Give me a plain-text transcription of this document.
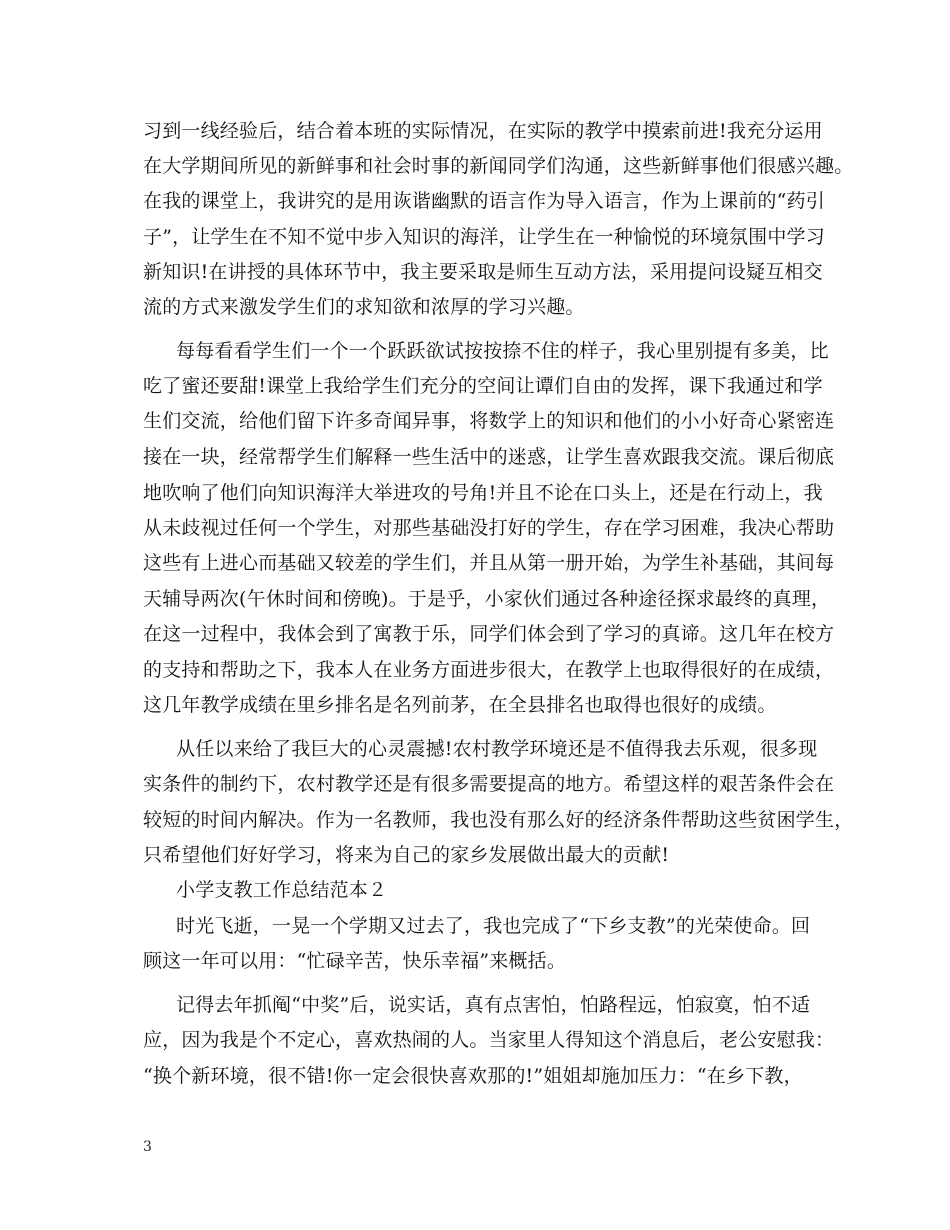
习到一线经验后，结合着本班的实际情况，在实际的教学中摸索前进!我充分运用
在大学期间所见的新鲜事和社会时事的新闻同学们沟通，这些新鲜事他们很感兴趣。
在我的课堂上，我讲究的是用诙谐幽默的语言作为导入语言，作为上课前的“药引
子”，让学生在不知不觉中步入知识的海洋，让学生在一种愉悦的环境氛围中学习
新知识!在讲授的具体环节中，我主要采取是师生互动方法，采用提问设疑互相交
流的方式来激发学生们的求知欲和浓厚的学习兴趣。
每每看看学生们一个一个跃跃欲试按按捺不住的样子，我心里别提有多美，比
吃了蜜还要甜!课堂上我给学生们充分的空间让谭们自由的发挥，课下我通过和学
生们交流，给他们留下许多奇闻异事，将数学上的知识和他们的小小好奇心紧密连
接在一块，经常帮学生们解释一些生活中的迷惑，让学生喜欢跟我交流。课后彻底
地吹响了他们向知识海洋大举进攻的号角!并且不论在口头上，还是在行动上，我
从未歧视过任何一个学生，对那些基础没打好的学生，存在学习困难，我决心帮助
这些有上进心而基础又较差的学生们，并且从第一册开始，为学生补基础，其间每
天辅导两次(午休时间和傍晚)。于是乎，小家伙们通过各种途径探求最终的真理，
在这一过程中，我体会到了寓教于乐，同学们体会到了学习的真谛。这几年在校方
的支持和帮助之下，我本人在业务方面进步很大，在教学上也取得很好的在成绩，
这几年教学成绩在里乡排名是名列前茅，在全县排名也取得也很好的成绩。
从任以来给了我巨大的心灵震撼!农村教学环境还是不值得我去乐观，很多现
实条件的制约下，农村教学还是有很多需要提高的地方。希望这样的艰苦条件会在
较短的时间内解决。作为一名教师，我也没有那么好的经济条件帮助这些贫困学生，
只希望他们好好学习，将来为自己的家乡发展做出最大的贡献!
小学支教工作总结范本２
时光飞逝，一晃一个学期又过去了，我也完成了“下乡支教”的光荣使命。回
顾这一年可以用：“忙碌辛苦，快乐幸福”来概括。
记得去年抓阄“中奖”后，说实话，真有点害怕，怕路程远，怕寂寞，怕不适
应，因为我是个不定心，喜欢热闹的人。当家里人得知这个消息后，老公安慰我：
“换个新环境，很不错!你一定会很快喜欢那的!”姐姐却施加压力：“在乡下教，
3
